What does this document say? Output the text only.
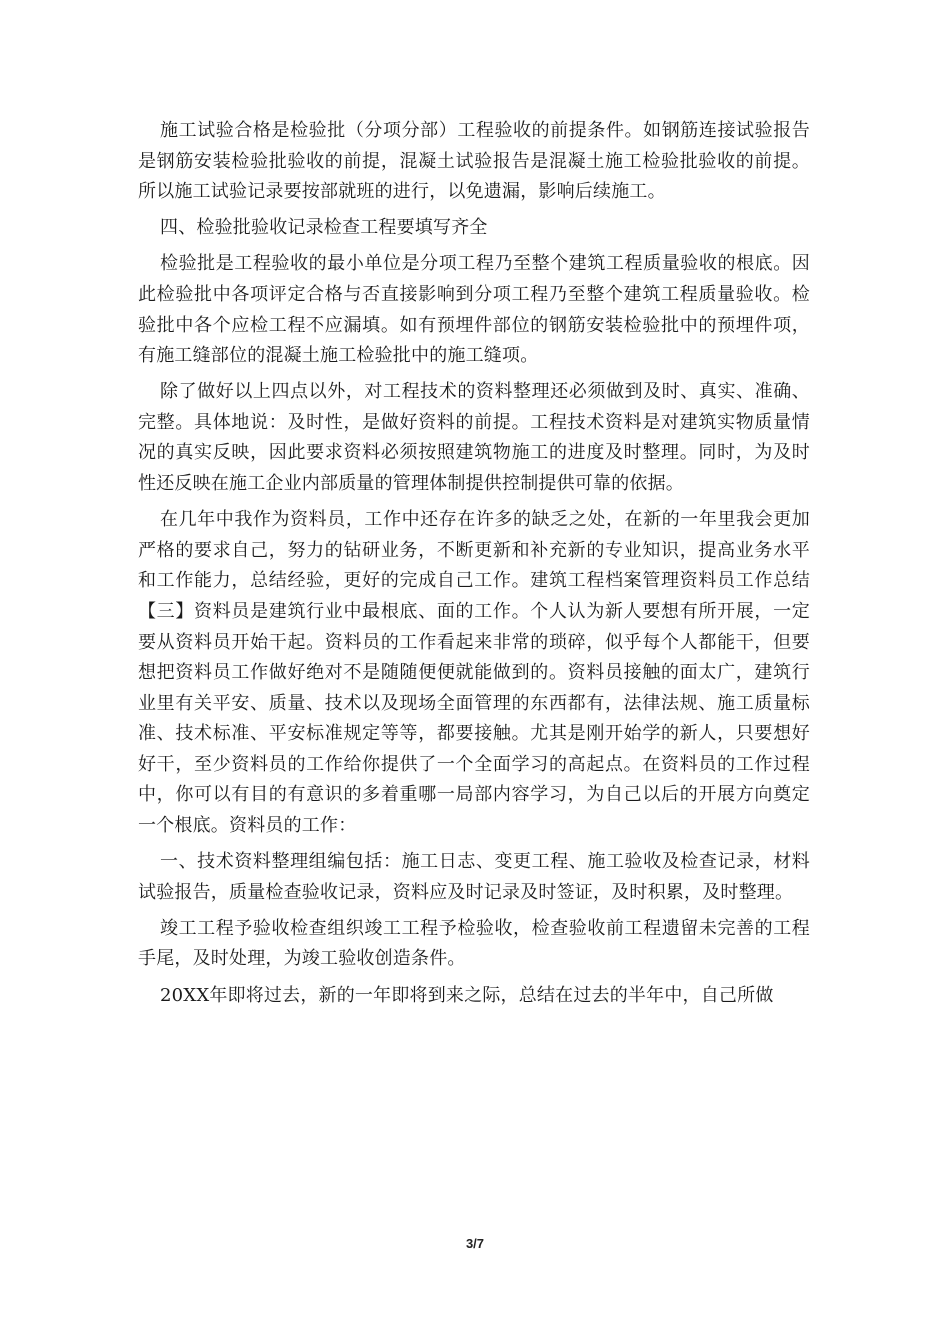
施工试验合格是检验批（分项分部）工程验收的前提条件。如钢筋连接试验报告是钢筋安装检验批验收的前提，混凝土试验报告是混凝土施工检验批验收的前提。所以施工试验记录要按部就班的进行，以免遗漏，影响后续施工。

四、检验批验收记录检查工程要填写齐全

检验批是工程验收的最小单位是分项工程乃至整个建筑工程质量验收的根底。因此检验批中各项评定合格与否直接影响到分项工程乃至整个建筑工程质量验收。检验批中各个应检工程不应漏填。如有预埋件部位的钢筋安装检验批中的预埋件项，有施工缝部位的混凝土施工检验批中的施工缝项。

除了做好以上四点以外，对工程技术的资料整理还必须做到及时、真实、准确、完整。具体地说：及时性，是做好资料的前提。工程技术资料是对建筑实物质量情况的真实反映，因此要求资料必须按照建筑物施工的进度及时整理。同时，为及时性还反映在施工企业内部质量的管理体制提供控制提供可靠的依据。

在几年中我作为资料员，工作中还存在许多的缺乏之处，在新的一年里我会更加严格的要求自己，努力的钻研业务，不断更新和补充新的专业知识，提高业务水平和工作能力，总结经验，更好的完成自己工作。建筑工程档案管理资料员工作总结【三】资料员是建筑行业中最根底、面的工作。个人认为新人要想有所开展，一定要从资料员开始干起。资料员的工作看起来非常的琐碎，似乎每个人都能干，但要想把资料员工作做好绝对不是随随便便就能做到的。资料员接触的面太广，建筑行业里有关平安、质量、技术以及现场全面管理的东西都有，法律法规、施工质量标准、技术标准、平安标准规定等等，都要接触。尤其是刚开始学的新人，只要想好好干，至少资料员的工作给你提供了一个全面学习的高起点。在资料员的工作过程中，你可以有目的有意识的多着重哪一局部内容学习，为自己以后的开展方向奠定一个根底。资料员的工作：

一、技术资料整理组编包括：施工日志、变更工程、施工验收及检查记录，材料试验报告，质量检查验收记录，资料应及时记录及时签证，及时积累，及时整理。

竣工工程予验收检查组织竣工工程予检验收，检查验收前工程遗留未完善的工程手尾，及时处理，为竣工验收创造条件。

20XX年即将过去，新的一年即将到来之际，总结在过去的半年中，自己所做

3/7
